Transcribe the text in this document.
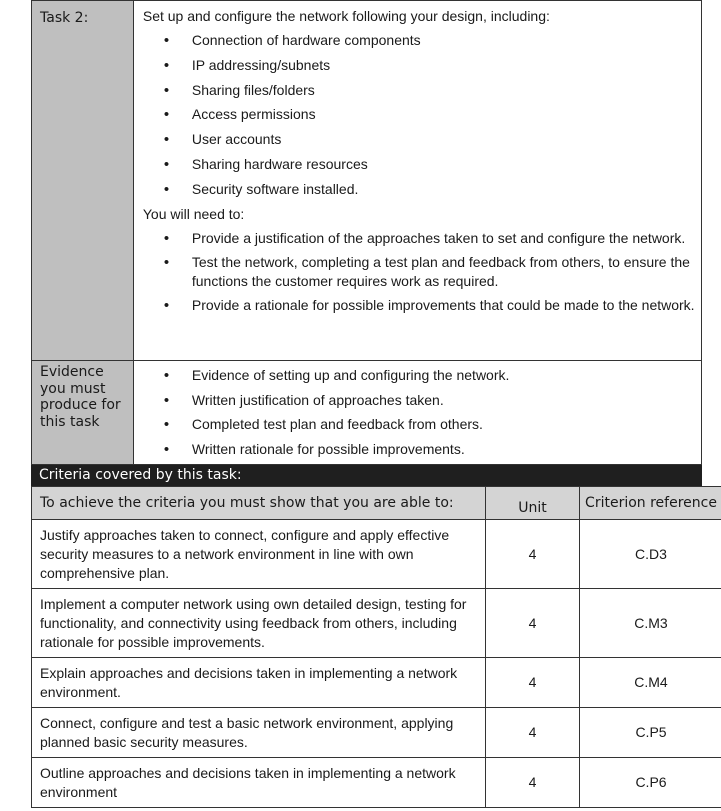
Task 2:	Set up and configure the network following your design, including:
• Connection of hardware components
• IP addressing/subnets
• Sharing files/folders
• Access permissions
• User accounts
• Sharing hardware resources
• Security software installed.
You will need to:
• Provide a justification of the approaches taken to set and configure the network.
• Test the network, completing a test plan and feedback from others, to ensure the functions the customer requires work as required.
• Provide a rationale for possible improvements that could be made to the network.
Evidence you must produce for this task
• Evidence of setting up and configuring the network.
• Written justification of approaches taken.
• Completed test plan and feedback from others.
• Written rationale for possible improvements.
Criteria covered by this task:
To achieve the criteria you must show that you are able to:	Unit	Criterion reference
Justify approaches taken to connect, configure and apply effective security measures to a network environment in line with own comprehensive plan.	4	C.D3
Implement a computer network using own detailed design, testing for functionality, and connectivity using feedback from others, including rationale for possible improvements.	4	C.M3
Explain approaches and decisions taken in implementing a network environment.	4	C.M4
Connect, configure and test a basic network environment, applying planned basic security measures.	4	C.P5
Outline approaches and decisions taken in implementing a network environment	4	C.P6
